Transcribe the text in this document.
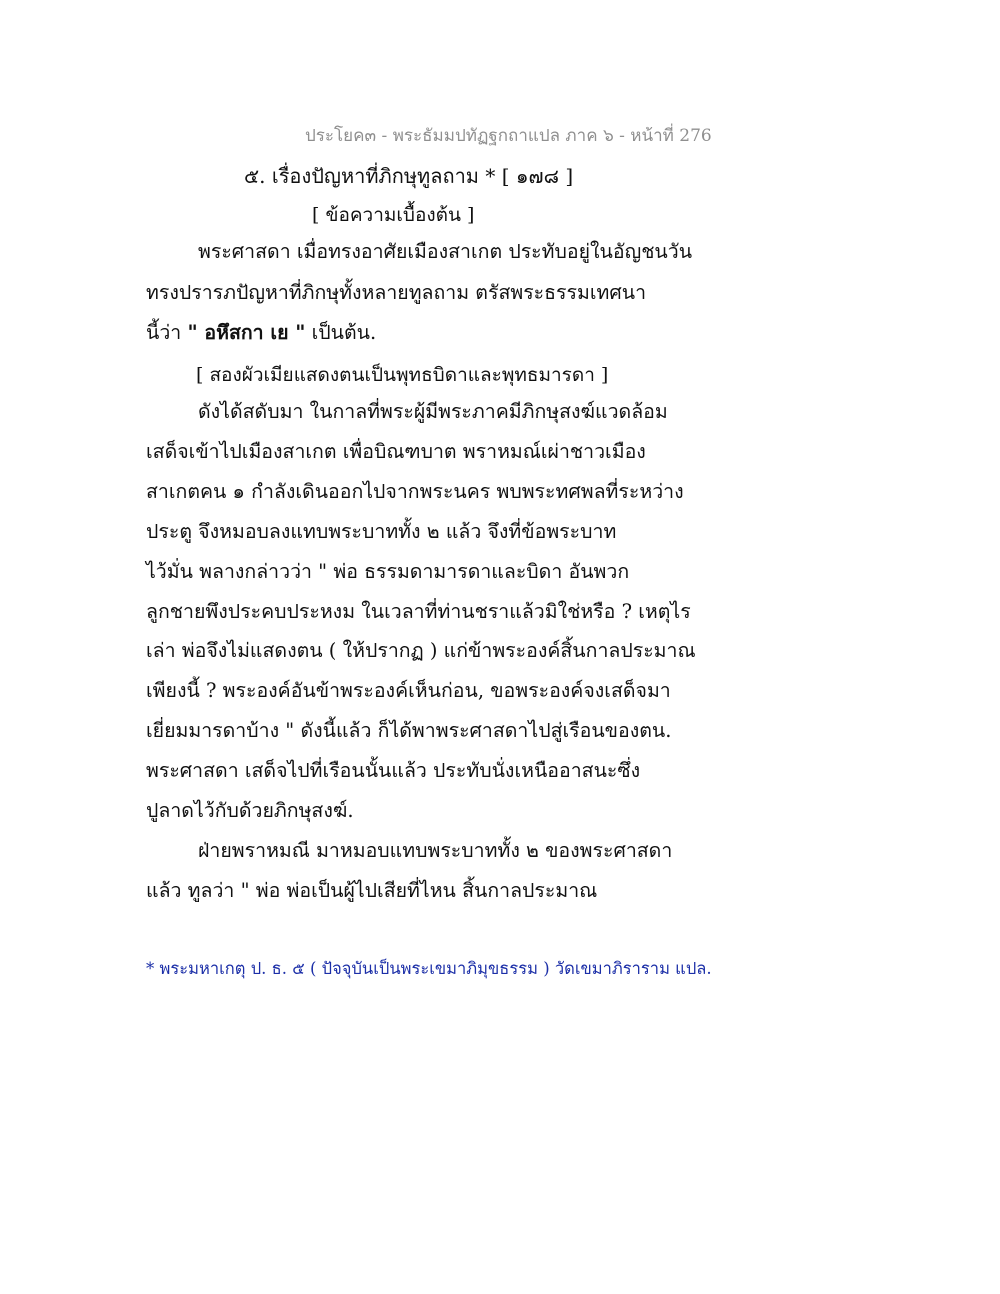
ประโยค๓ - พระธัมมปทัฏฐกถาแปล ภาค ๖ - หน้าที่ 276
๕. เรื่องปัญหาที่ภิกษุทูลถาม * [ ๑๗๘ ]
[ ข้อความเบื้องต้น ]
พระศาสดา เมื่อทรงอาศัยเมืองสาเกต ประทับอยู่ในอัญชนวัน
ทรงปรารภปัญหาที่ภิกษุทั้งหลายทูลถาม ตรัสพระธรรมเทศนา
นี้ว่า " อหึสกา เย " เป็นต้น.
[ สองผัวเมียแสดงตนเป็นพุทธบิดาและพุทธมารดา ]
ดังได้สดับมา ในกาลที่พระผู้มีพระภาคมีภิกษุสงฆ์แวดล้อม
เสด็จเข้าไปเมืองสาเกต เพื่อบิณฑบาต พราหมณ์เผ่าชาวเมือง
สาเกตคน ๑ กำลังเดินออกไปจากพระนคร พบพระทศพลที่ระหว่าง
ประตู จึงหมอบลงแทบพระบาททั้ง ๒ แล้ว จึงที่ข้อพระบาท
ไว้มั่น พลางกล่าวว่า " พ่อ ธรรมดามารดาและบิดา อันพวก
ลูกชายพึงประคบประหงม ในเวลาที่ท่านชราแล้วมิใช่หรือ ? เหตุไร
เล่า พ่อจึงไม่แสดงตน ( ให้ปรากฏ ) แก่ข้าพระองค์สิ้นกาลประมาณ
เพียงนี้ ? พระองค์อันข้าพระองค์เห็นก่อน, ขอพระองค์จงเสด็จมา
เยี่ยมมารดาบ้าง " ดังนี้แล้ว ก็ได้พาพระศาสดาไปสู่เรือนของตน.
พระศาสดา เสด็จไปที่เรือนนั้นแล้ว ประทับนั่งเหนืออาสนะซึ่ง
ปูลาดไว้กับด้วยภิกษุสงฆ์.
ฝ่ายพราหมณี มาหมอบแทบพระบาททั้ง ๒ ของพระศาสดา
แล้ว ทูลว่า " พ่อ พ่อเป็นผู้ไปเสียที่ไหน สิ้นกาลประมาณ
* พระมหาเกตุ ป. ธ. ๕ ( ปัจจุบันเป็นพระเขมาภิมุขธรรม ) วัดเขมาภิราราม แปล.
